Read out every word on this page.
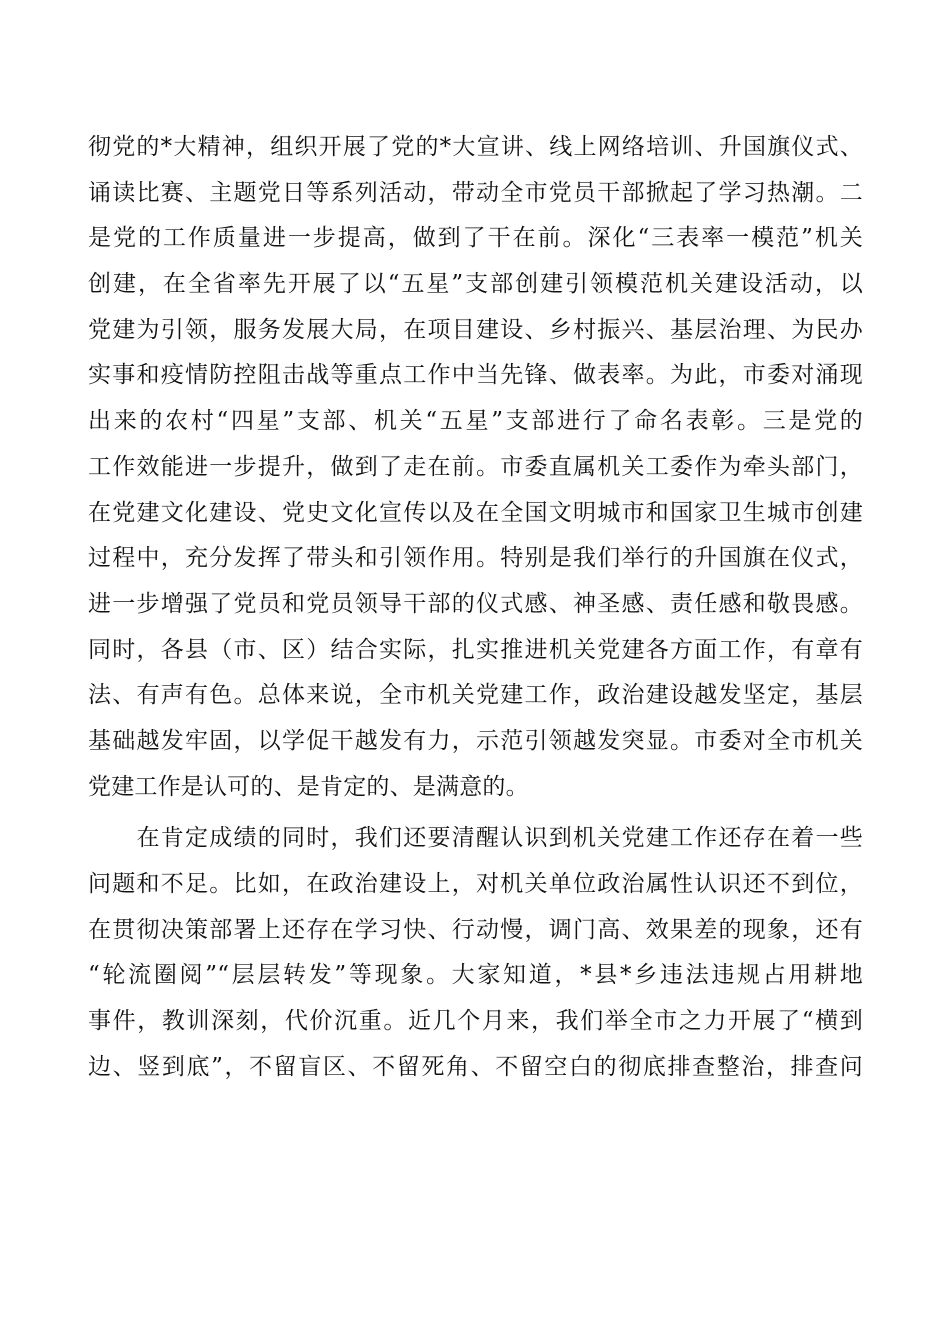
彻党的*大精神，组织开展了党的*大宣讲、线上网络培训、升国旗仪式、
诵读比赛、主题党日等系列活动，带动全市党员干部掀起了学习热潮。二
是党的工作质量进一步提高，做到了干在前。深化“三表率一模范”机关
创建，在全省率先开展了以“五星”支部创建引领模范机关建设活动，以
党建为引领，服务发展大局，在项目建设、乡村振兴、基层治理、为民办
实事和疫情防控阻击战等重点工作中当先锋、做表率。为此，市委对涌现
出来的农村“四星”支部、机关“五星”支部进行了命名表彰。三是党的
工作效能进一步提升，做到了走在前。市委直属机关工委作为牵头部门，
在党建文化建设、党史文化宣传以及在全国文明城市和国家卫生城市创建
过程中，充分发挥了带头和引领作用。特别是我们举行的升国旗在仪式，
进一步增强了党员和党员领导干部的仪式感、神圣感、责任感和敬畏感。
同时，各县（市、区）结合实际，扎实推进机关党建各方面工作，有章有
法、有声有色。总体来说，全市机关党建工作，政治建设越发坚定，基层
基础越发牢固，以学促干越发有力，示范引领越发突显。市委对全市机关
党建工作是认可的、是肯定的、是满意的。
　　在肯定成绩的同时，我们还要清醒认识到机关党建工作还存在着一些
问题和不足。比如，在政治建设上，对机关单位政治属性认识还不到位，
在贯彻决策部署上还存在学习快、行动慢，调门高、效果差的现象，还有
“轮流圈阅”“层层转发”等现象。大家知道，*县*乡违法违规占用耕地
事件，教训深刻，代价沉重。近几个月来，我们举全市之力开展了“横到
边、竖到底”，不留盲区、不留死角、不留空白的彻底排查整治，排查问
